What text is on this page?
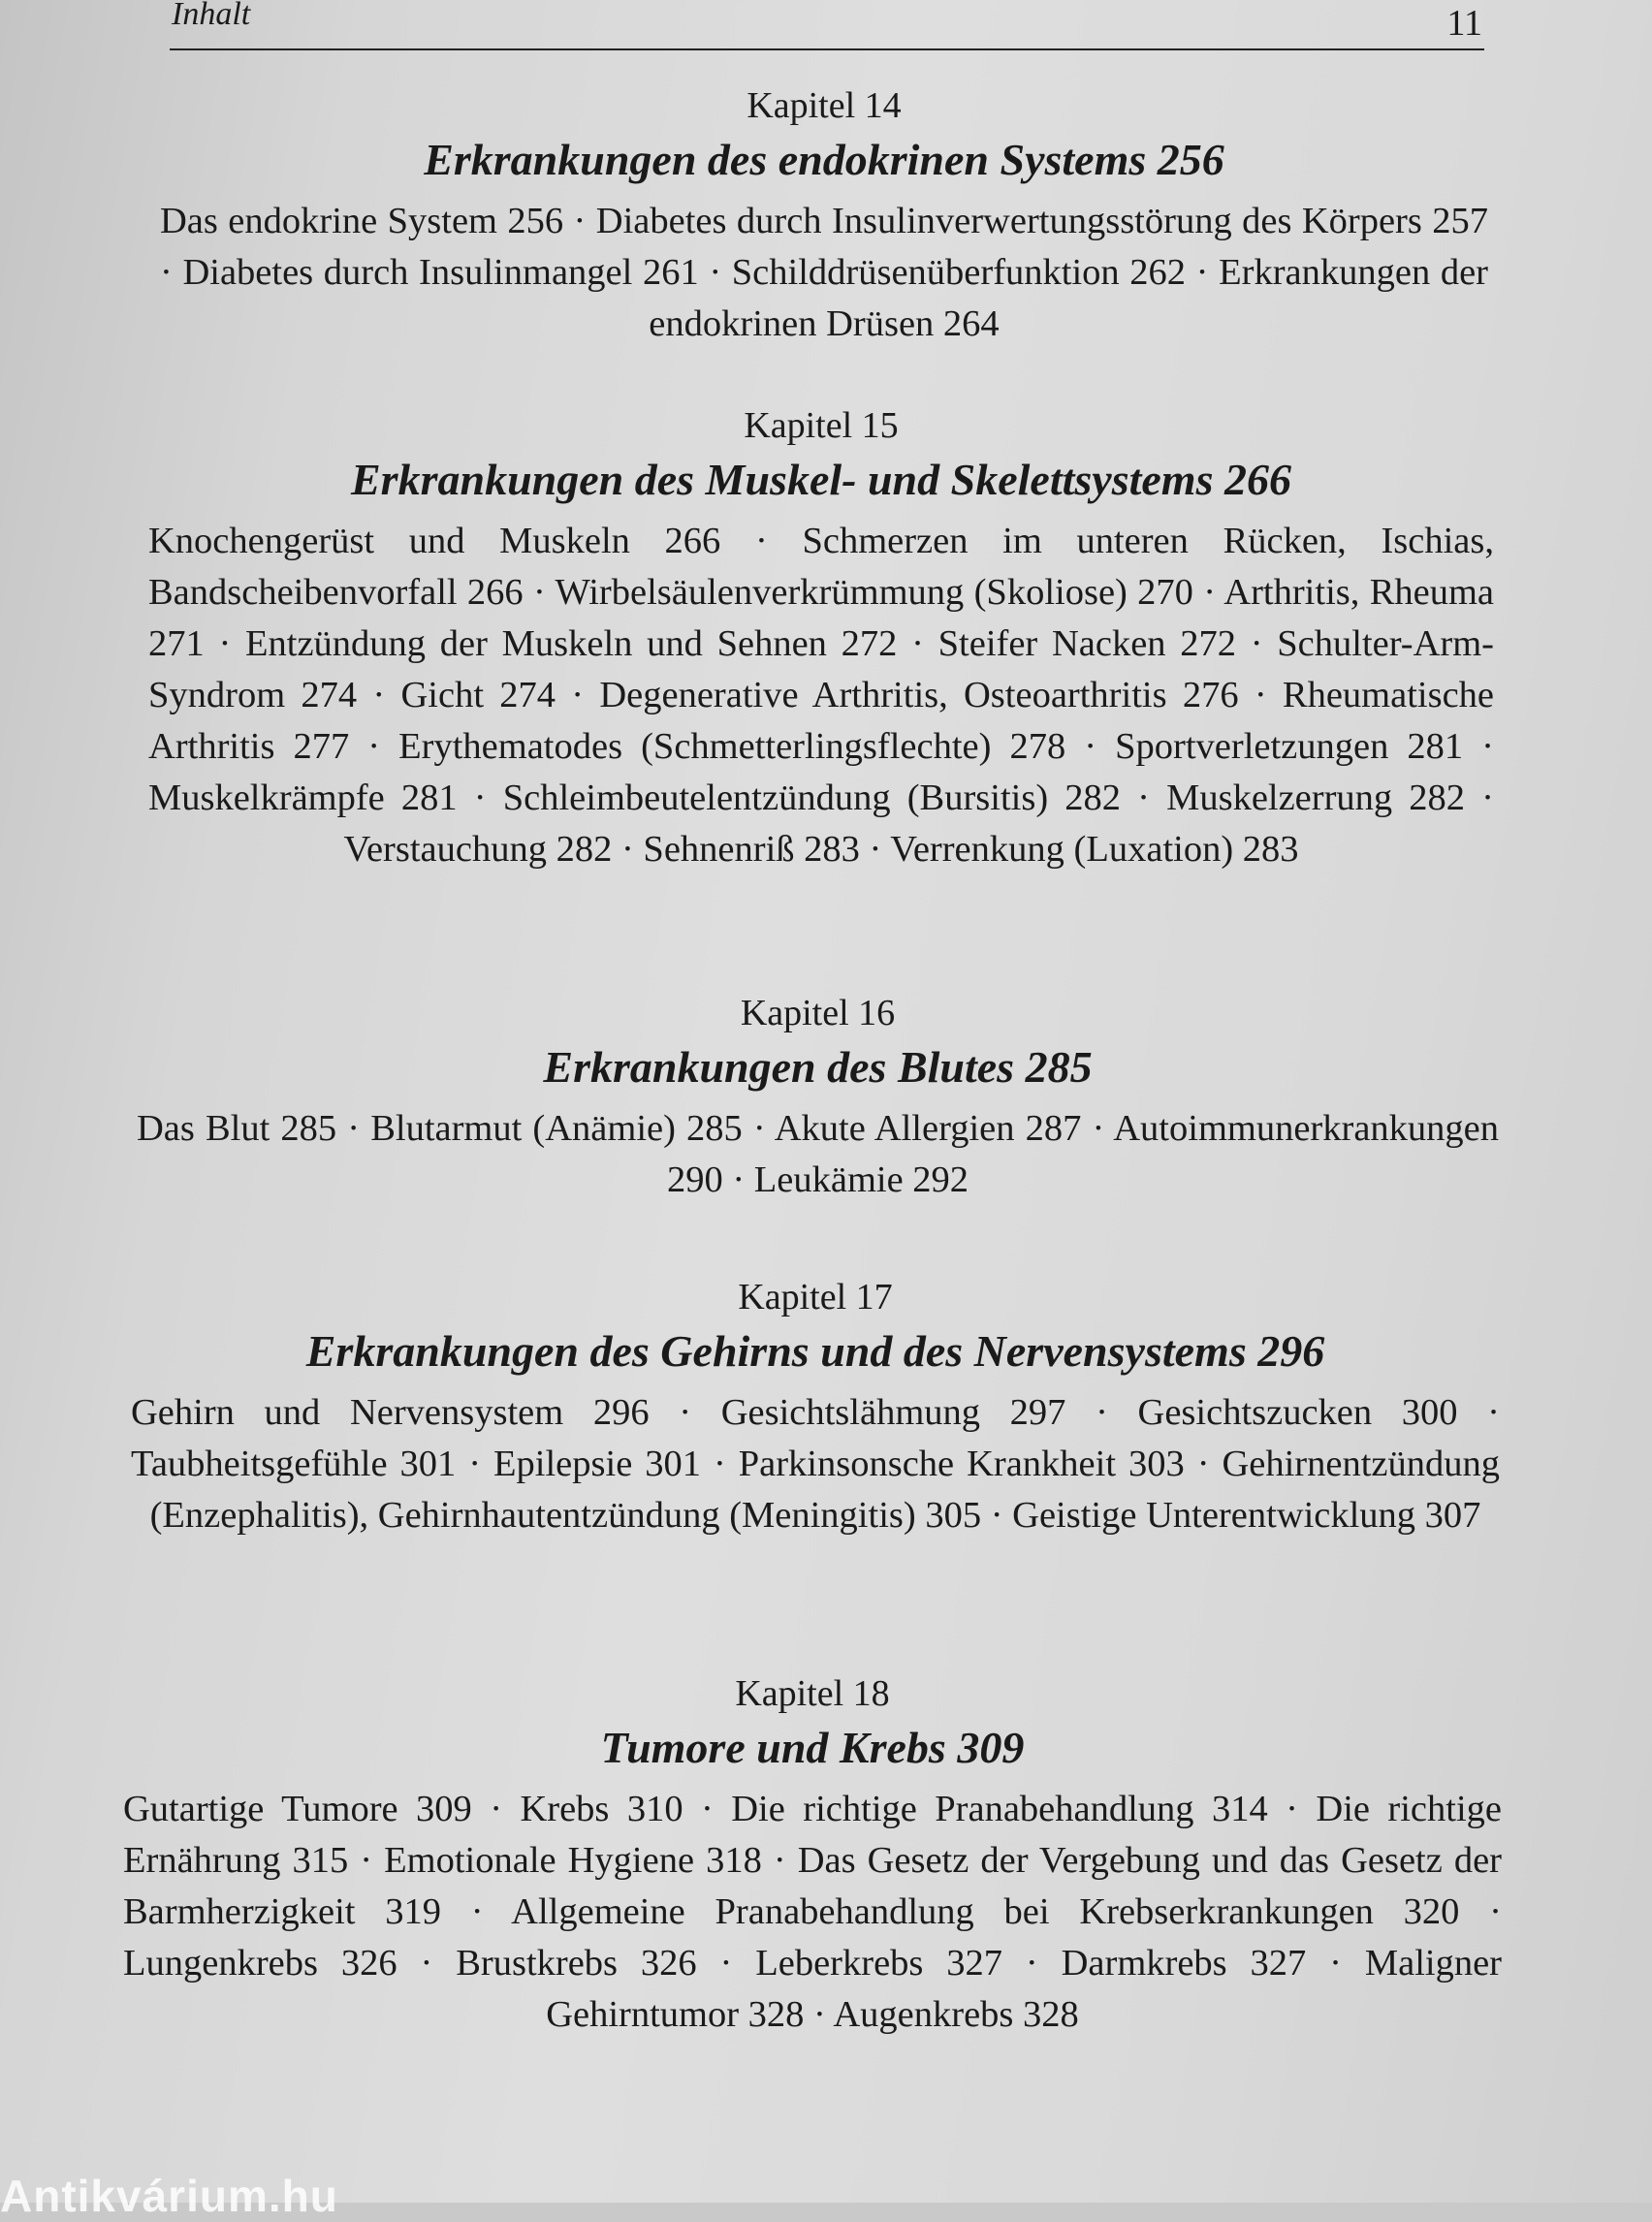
Inhalt	11
Kapitel 14
Erkrankungen des endokrinen Systems 256
Das endokrine System 256 · Diabetes durch Insulinverwertungsstörung des Körpers 257 · Diabetes durch Insulinmangel 261 · Schilddrüsenüberfunktion 262 · Erkrankungen der endokrinen Drüsen 264
Kapitel 15
Erkrankungen des Muskel- und Skelettsystems 266
Knochengerüst und Muskeln 266 · Schmerzen im unteren Rücken, Ischias, Bandscheibenvorfall 266 · Wirbelsäulenverkrümmung (Skoliose) 270 · Arthritis, Rheuma 271 · Entzündung der Muskeln und Sehnen 272 · Steifer Nacken 272 · Schulter-Arm-Syndrom 274 · Gicht 274 · Degenerative Arthritis, Osteoarthritis 276 · Rheumatische Arthritis 277 · Erythematodes (Schmetterlingsflechte) 278 · Sportverletzungen 281 · Muskelkrämpfe 281 · Schleimbeutelentzündung (Bursitis) 282 · Muskelzerrung 282 · Verstauchung 282 · Sehnenriß 283 · Verrenkung (Luxation) 283
Kapitel 16
Erkrankungen des Blutes 285
Das Blut 285 · Blutarmut (Anämie) 285 · Akute Allergien 287 · Autoimmunerkrankungen 290 · Leukämie 292
Kapitel 17
Erkrankungen des Gehirns und des Nervensystems 296
Gehirn und Nervensystem 296 · Gesichtslähmung 297 · Gesichtszucken 300 · Taubheitsgefühle 301 · Epilepsie 301 · Parkinsonsche Krankheit 303 · Gehirnentzündung (Enzephalitis), Gehirnhautentzündung (Meningitis) 305 · Geistige Unterentwicklung 307
Kapitel 18
Tumore und Krebs 309
Gutartige Tumore 309 · Krebs 310 · Die richtige Pranabehandlung 314 · Die richtige Ernährung 315 · Emotionale Hygiene 318 · Das Gesetz der Vergebung und das Gesetz der Barmherzigkeit 319 · Allgemeine Pranabehandlung bei Krebserkrankungen 320 · Lungenkrebs 326 · Brustkrebs 326 · Leberkrebs 327 · Darmkrebs 327 · Maligner Gehirntumor 328 · Augenkrebs 328
Antikvárium.hu
